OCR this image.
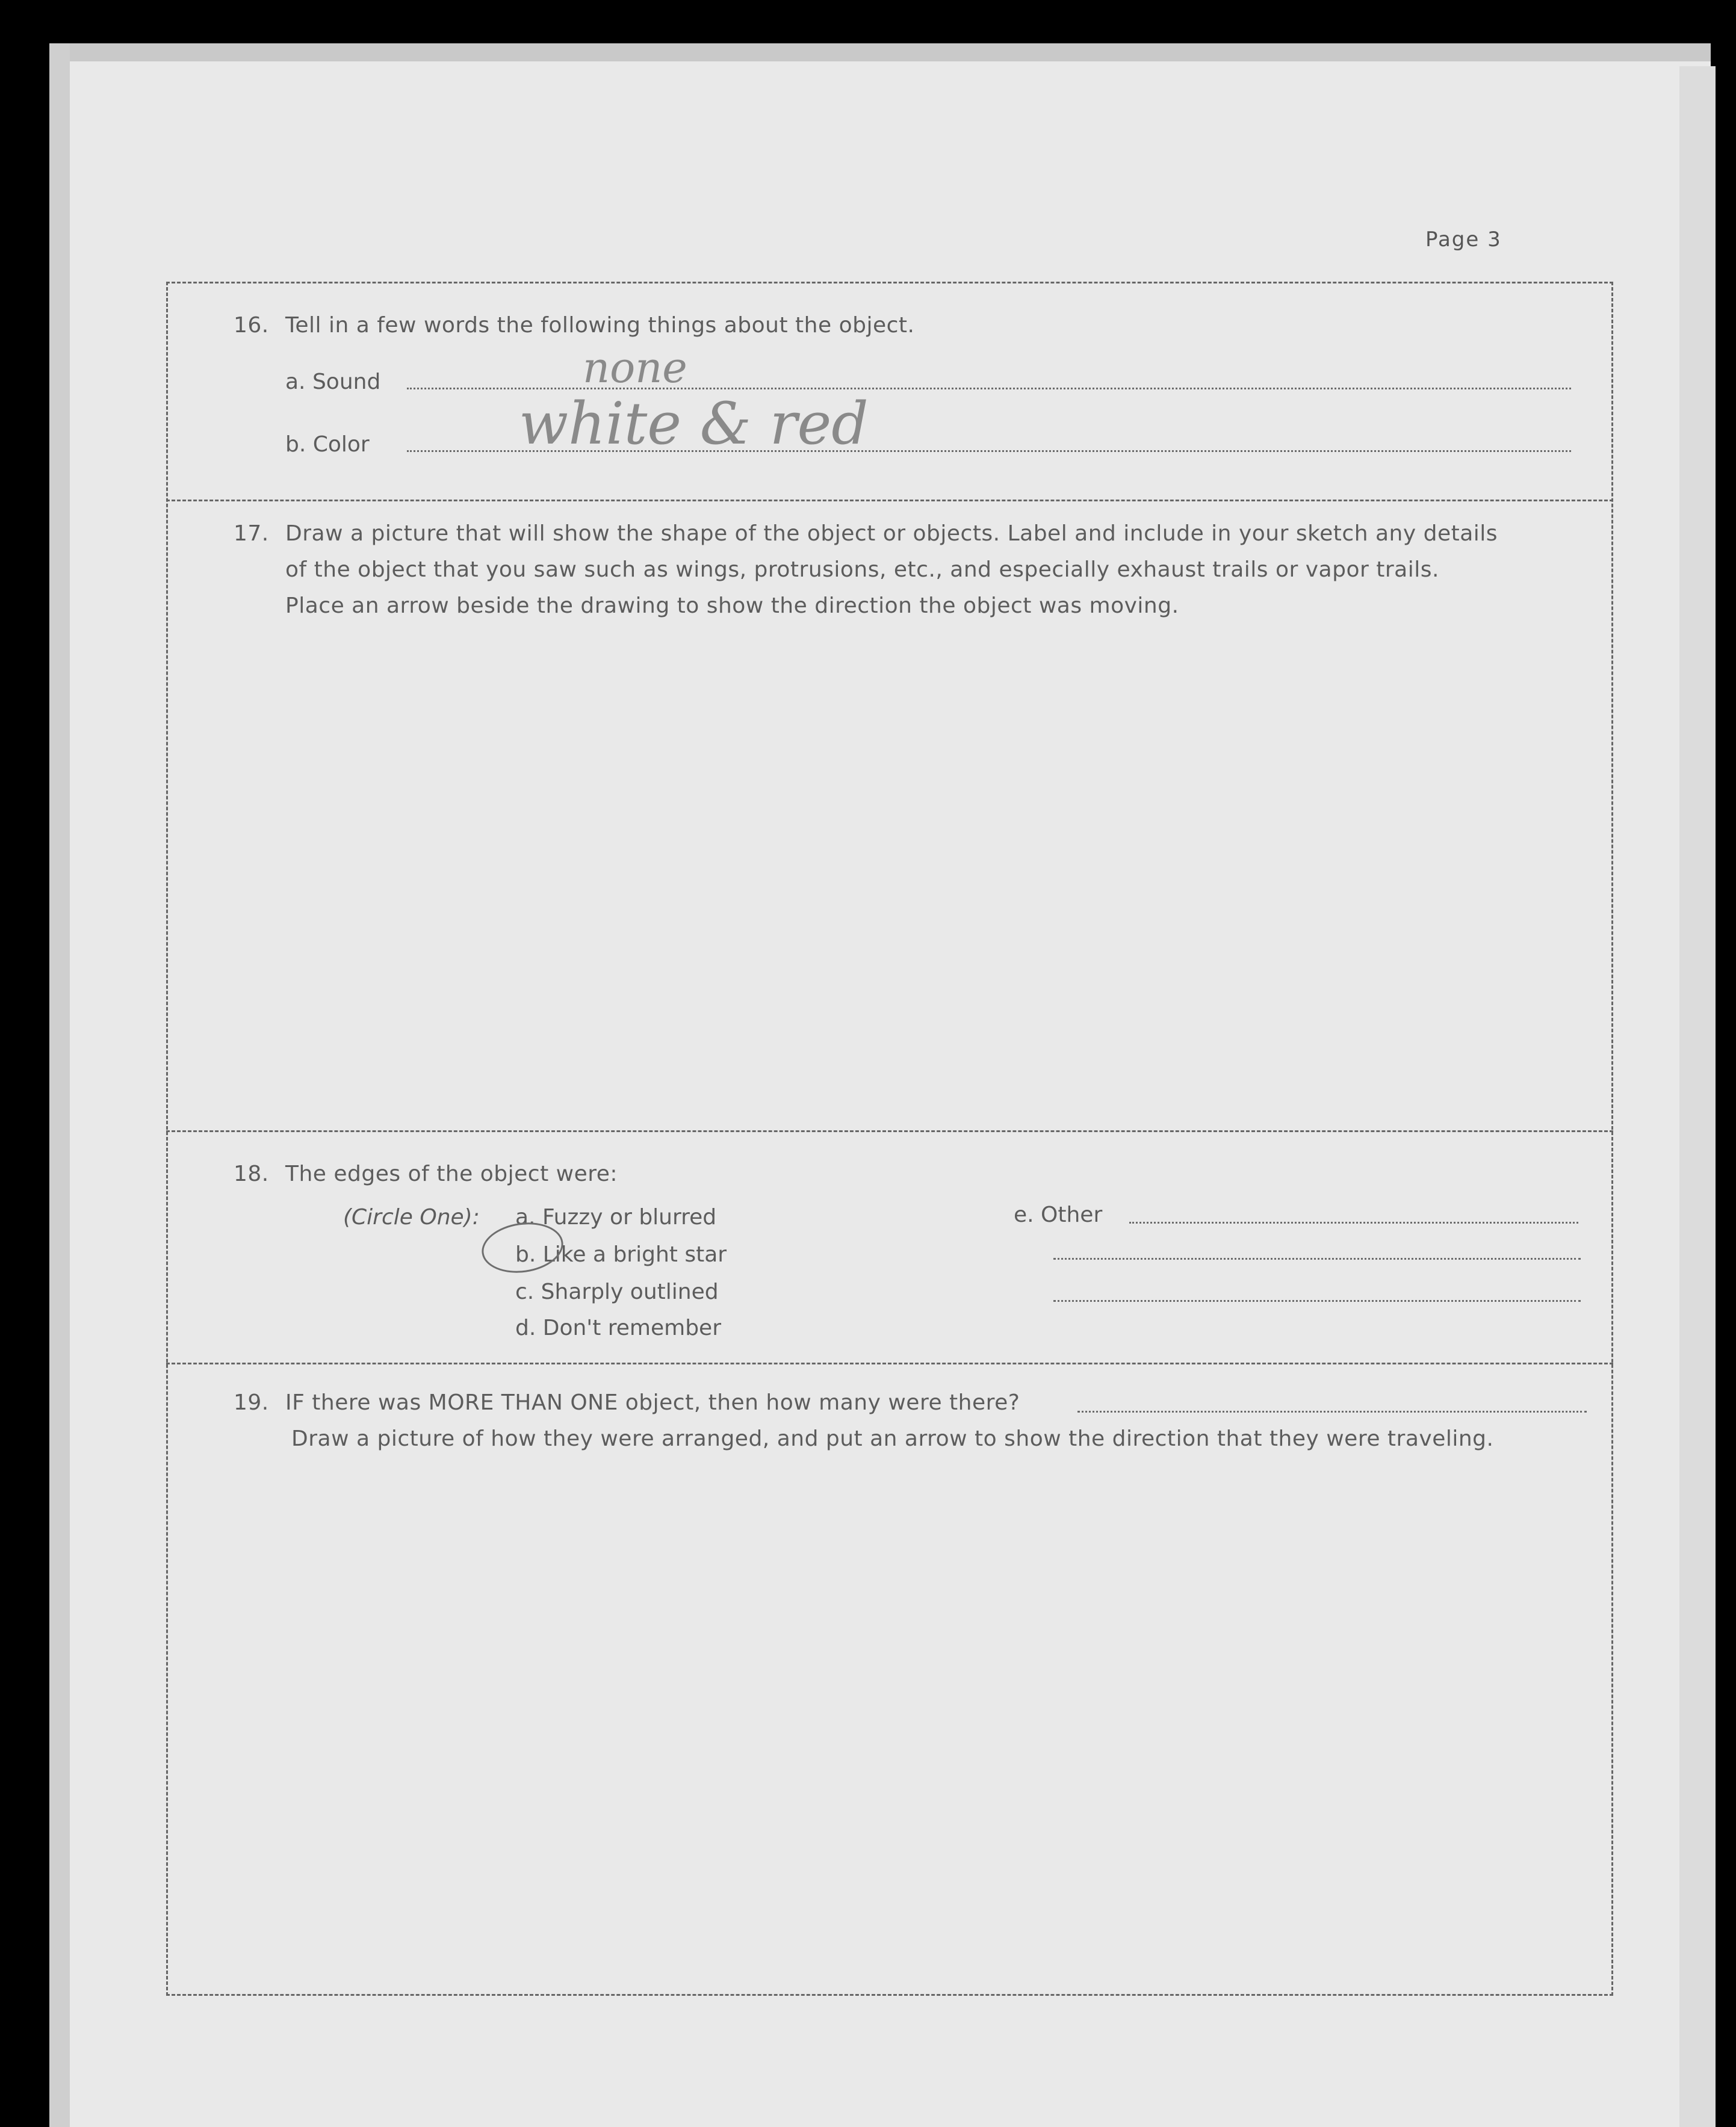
Page 3
16. Tell in a few words the following things about the object.
a. Sound	none
b. Color	white & red
17. Draw a picture that will show the shape of the object or objects. Label and include in your sketch any details
of the object that you saw such as wings, protrusions, etc., and especially exhaust trails or vapor trails.
Place an arrow beside the drawing to show the direction the object was moving.
18. The edges of the object were:
(Circle One): a. Fuzzy or blurred
b. Like a bright star
c. Sharply outlined
d. Don't remember
e. Other
19. IF there was MORE THAN ONE object, then how many were there?
Draw a picture of how they were arranged, and put an arrow to show the direction that they were traveling.
